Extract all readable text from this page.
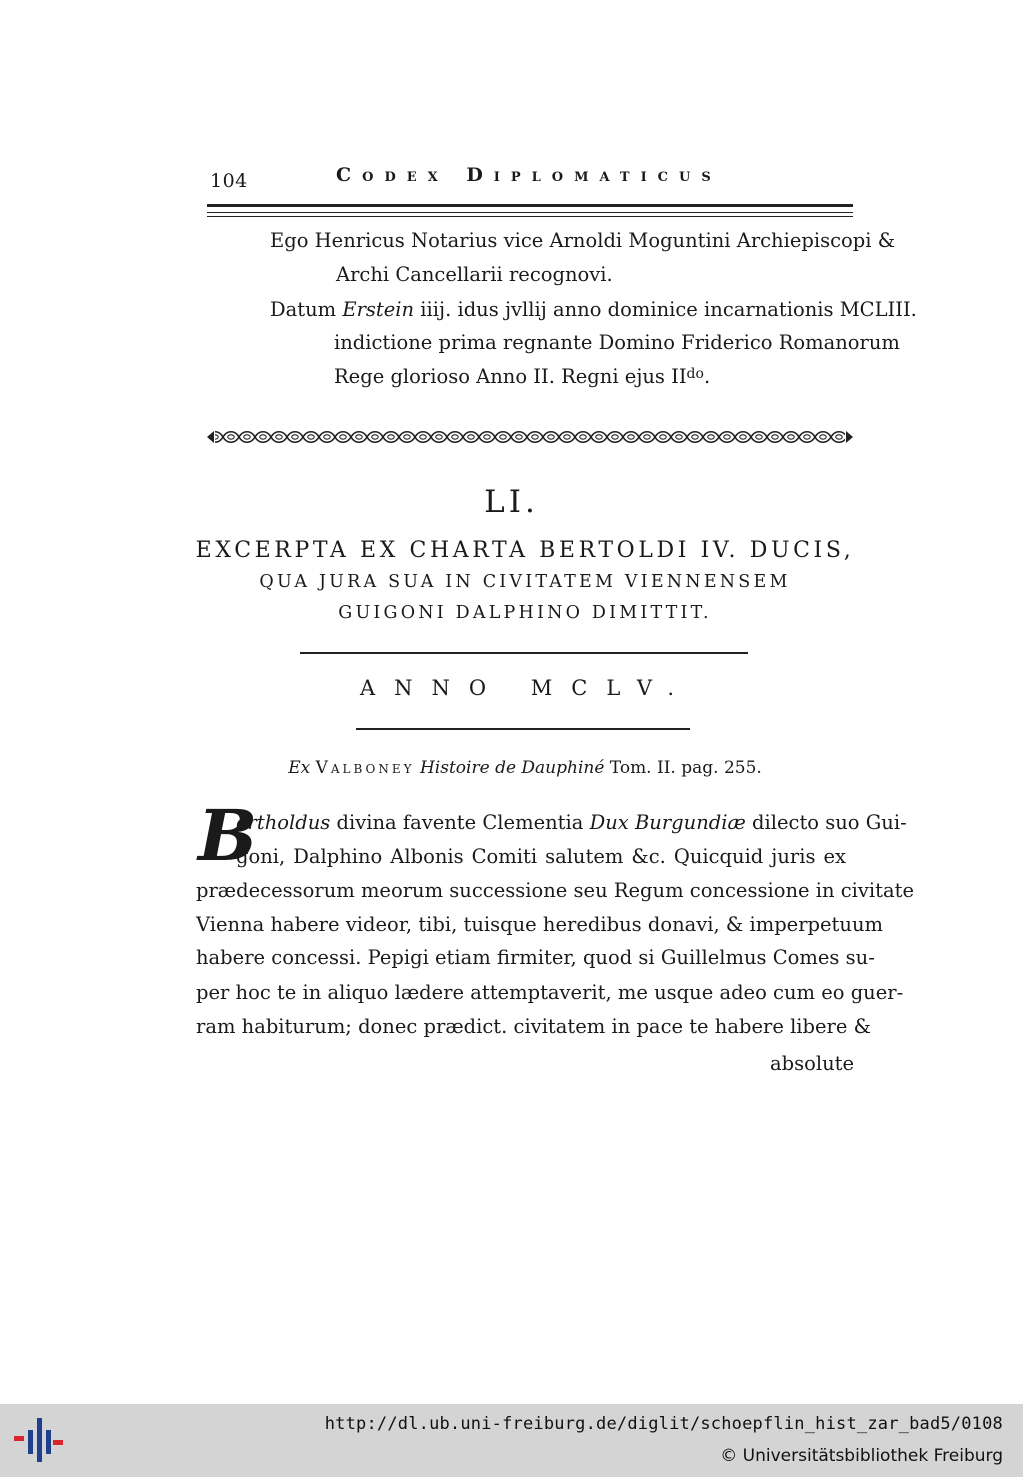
104	Codex Diplomaticus
Ego Henricus Notarius vice Arnoldi Moguntini Archiepiscopi &
Archi Cancellarii recognovi.
Datum Erstein iiij. idus jvllij anno dominice incarnationis MCLIII.
indictione prima regnante Domino Friderico Romanorum
Rege glorioso Anno II. Regni ejus $II^{do}$.
LI.
EXCERPTA EX CHARTA BERTOLDI IV. DUCIS,
QUA JURA SUA IN CIVITATEM VIENNENSEM
GUIGONI DALPHINO DIMITTIT.
ANNO MCLV.
Ex Valboney Histoire de Dauphiné Tom. II. pag. 255.
B
ertholdus divina favente Clementia Dux Burgundiæ dilecto suo Gui-
goni, Dalphino Albonis Comiti salutem &c. Quicquid juris ex
prædecessorum meorum successione seu Regum concessione in civitate
Vienna habere videor, tibi, tuisque heredibus donavi, & imperpetuum
habere concessi. Pepigi etiam firmiter, quod si Guillelmus Comes su-
per hoc te in aliquo lædere attemptaverit, me usque adeo cum eo guer-
ram habiturum; donec prædict. civitatem in pace te habere libere &
absolute
http://dl.ub.uni-freiburg.de/diglit/schoepflin_hist_zar_bad5/0108
© Universitätsbibliothek Freiburg
